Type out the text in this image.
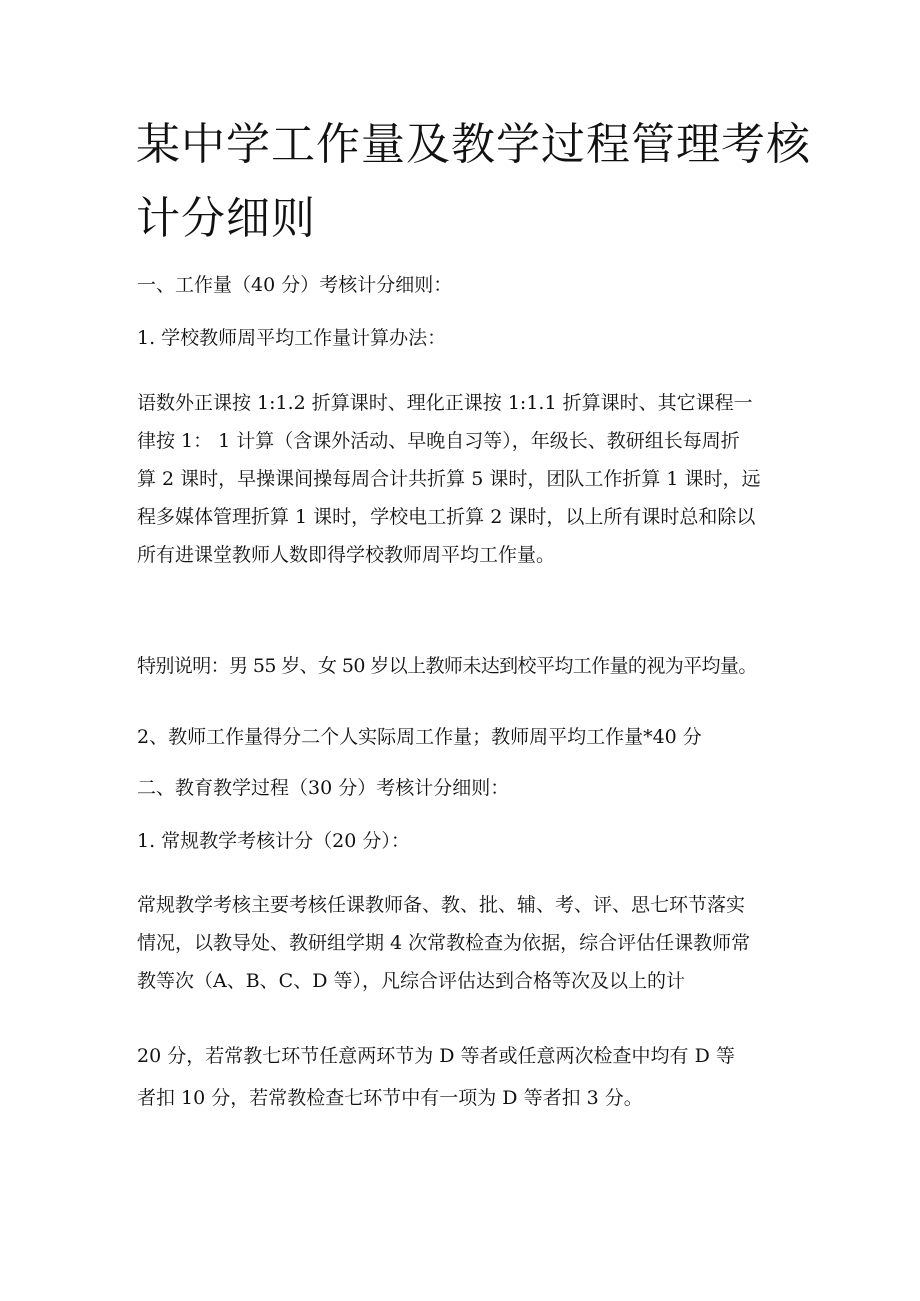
某中学工作量及教学过程管理考核
计分细则

一、工作量（40 分）考核计分细则：

1. 学校教师周平均工作量计算办法：

语数外正课按 1:1.2 折算课时、理化正课按 1:1.1 折算课时、其它课程一
律按 1： 1 计算（含课外活动、早晚自习等），年级长、教研组长每周折
算 2 课时，早操课间操每周合计共折算 5 课时，团队工作折算 1 课时，远
程多媒体管理折算 1 课时，学校电工折算 2 课时，以上所有课时总和除以
所有进课堂教师人数即得学校教师周平均工作量。

特别说明：男 55 岁、女 50 岁以上教师未达到校平均工作量的视为平均量。

2、教师工作量得分二个人实际周工作量；教师周平均工作量*40 分

二、教育教学过程（30 分）考核计分细则：

1. 常规教学考核计分（20 分）：

常规教学考核主要考核任课教师备、教、批、辅、考、评、思七环节落实
情况，以教导处、教研组学期 4 次常教检查为依据，综合评估任课教师常
教等次（A、B、C、D 等），凡综合评估达到合格等次及以上的计
20 分，若常教七环节任意两环节为 D 等者或任意两次检查中均有 D 等
者扣 10 分，若常教检查七环节中有一项为 D 等者扣 3 分。
